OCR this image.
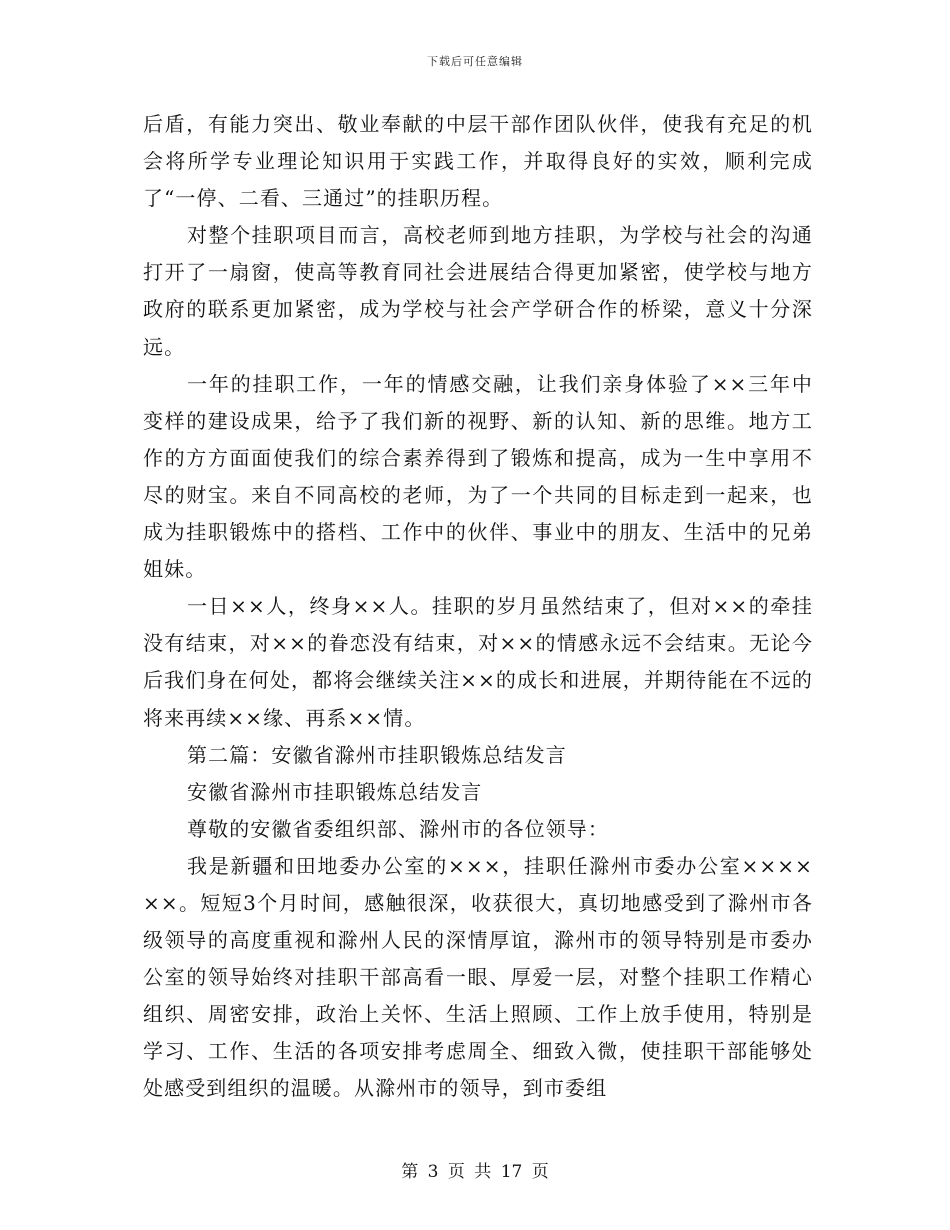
下载后可任意编辑

后盾，有能力突出、敬业奉献的中层干部作团队伙伴，使我有充足的机会将所学专业理论知识用于实践工作，并取得良好的实效，顺利完成了“一停、二看、三通过”的挂职历程。

对整个挂职项目而言，高校老师到地方挂职，为学校与社会的沟通打开了一扇窗，使高等教育同社会进展结合得更加紧密，使学校与地方政府的联系更加紧密，成为学校与社会产学研合作的桥梁，意义十分深远。

一年的挂职工作，一年的情感交融，让我们亲身体验了××三年中变样的建设成果，给予了我们新的视野、新的认知、新的思维。地方工作的方方面面使我们的综合素养得到了锻炼和提高，成为一生中享用不尽的财宝。来自不同高校的老师，为了一个共同的目标走到一起来，也成为挂职锻炼中的搭档、工作中的伙伴、事业中的朋友、生活中的兄弟姐妹。

一日××人，终身××人。挂职的岁月虽然结束了，但对××的牵挂没有结束，对××的眷恋没有结束，对××的情感永远不会结束。无论今后我们身在何处，都将会继续关注××的成长和进展，并期待能在不远的将来再续××缘、再系××情。

第二篇：安徽省滁州市挂职锻炼总结发言

安徽省滁州市挂职锻炼总结发言

尊敬的安徽省委组织部、滁州市的各位领导：

我是新疆和田地委办公室的×××，挂职任滁州市委办公室××××××。短短3个月时间，感触很深，收获很大，真切地感受到了滁州市各级领导的高度重视和滁州人民的深情厚谊，滁州市的领导特别是市委办公室的领导始终对挂职干部高看一眼、厚爱一层，对整个挂职工作精心组织、周密安排，政治上关怀、生活上照顾、工作上放手使用，特别是学习、工作、生活的各项安排考虑周全、细致入微，使挂职干部能够处处感受到组织的温暖。从滁州市的领导，到市委组

第 3 页 共 17 页
